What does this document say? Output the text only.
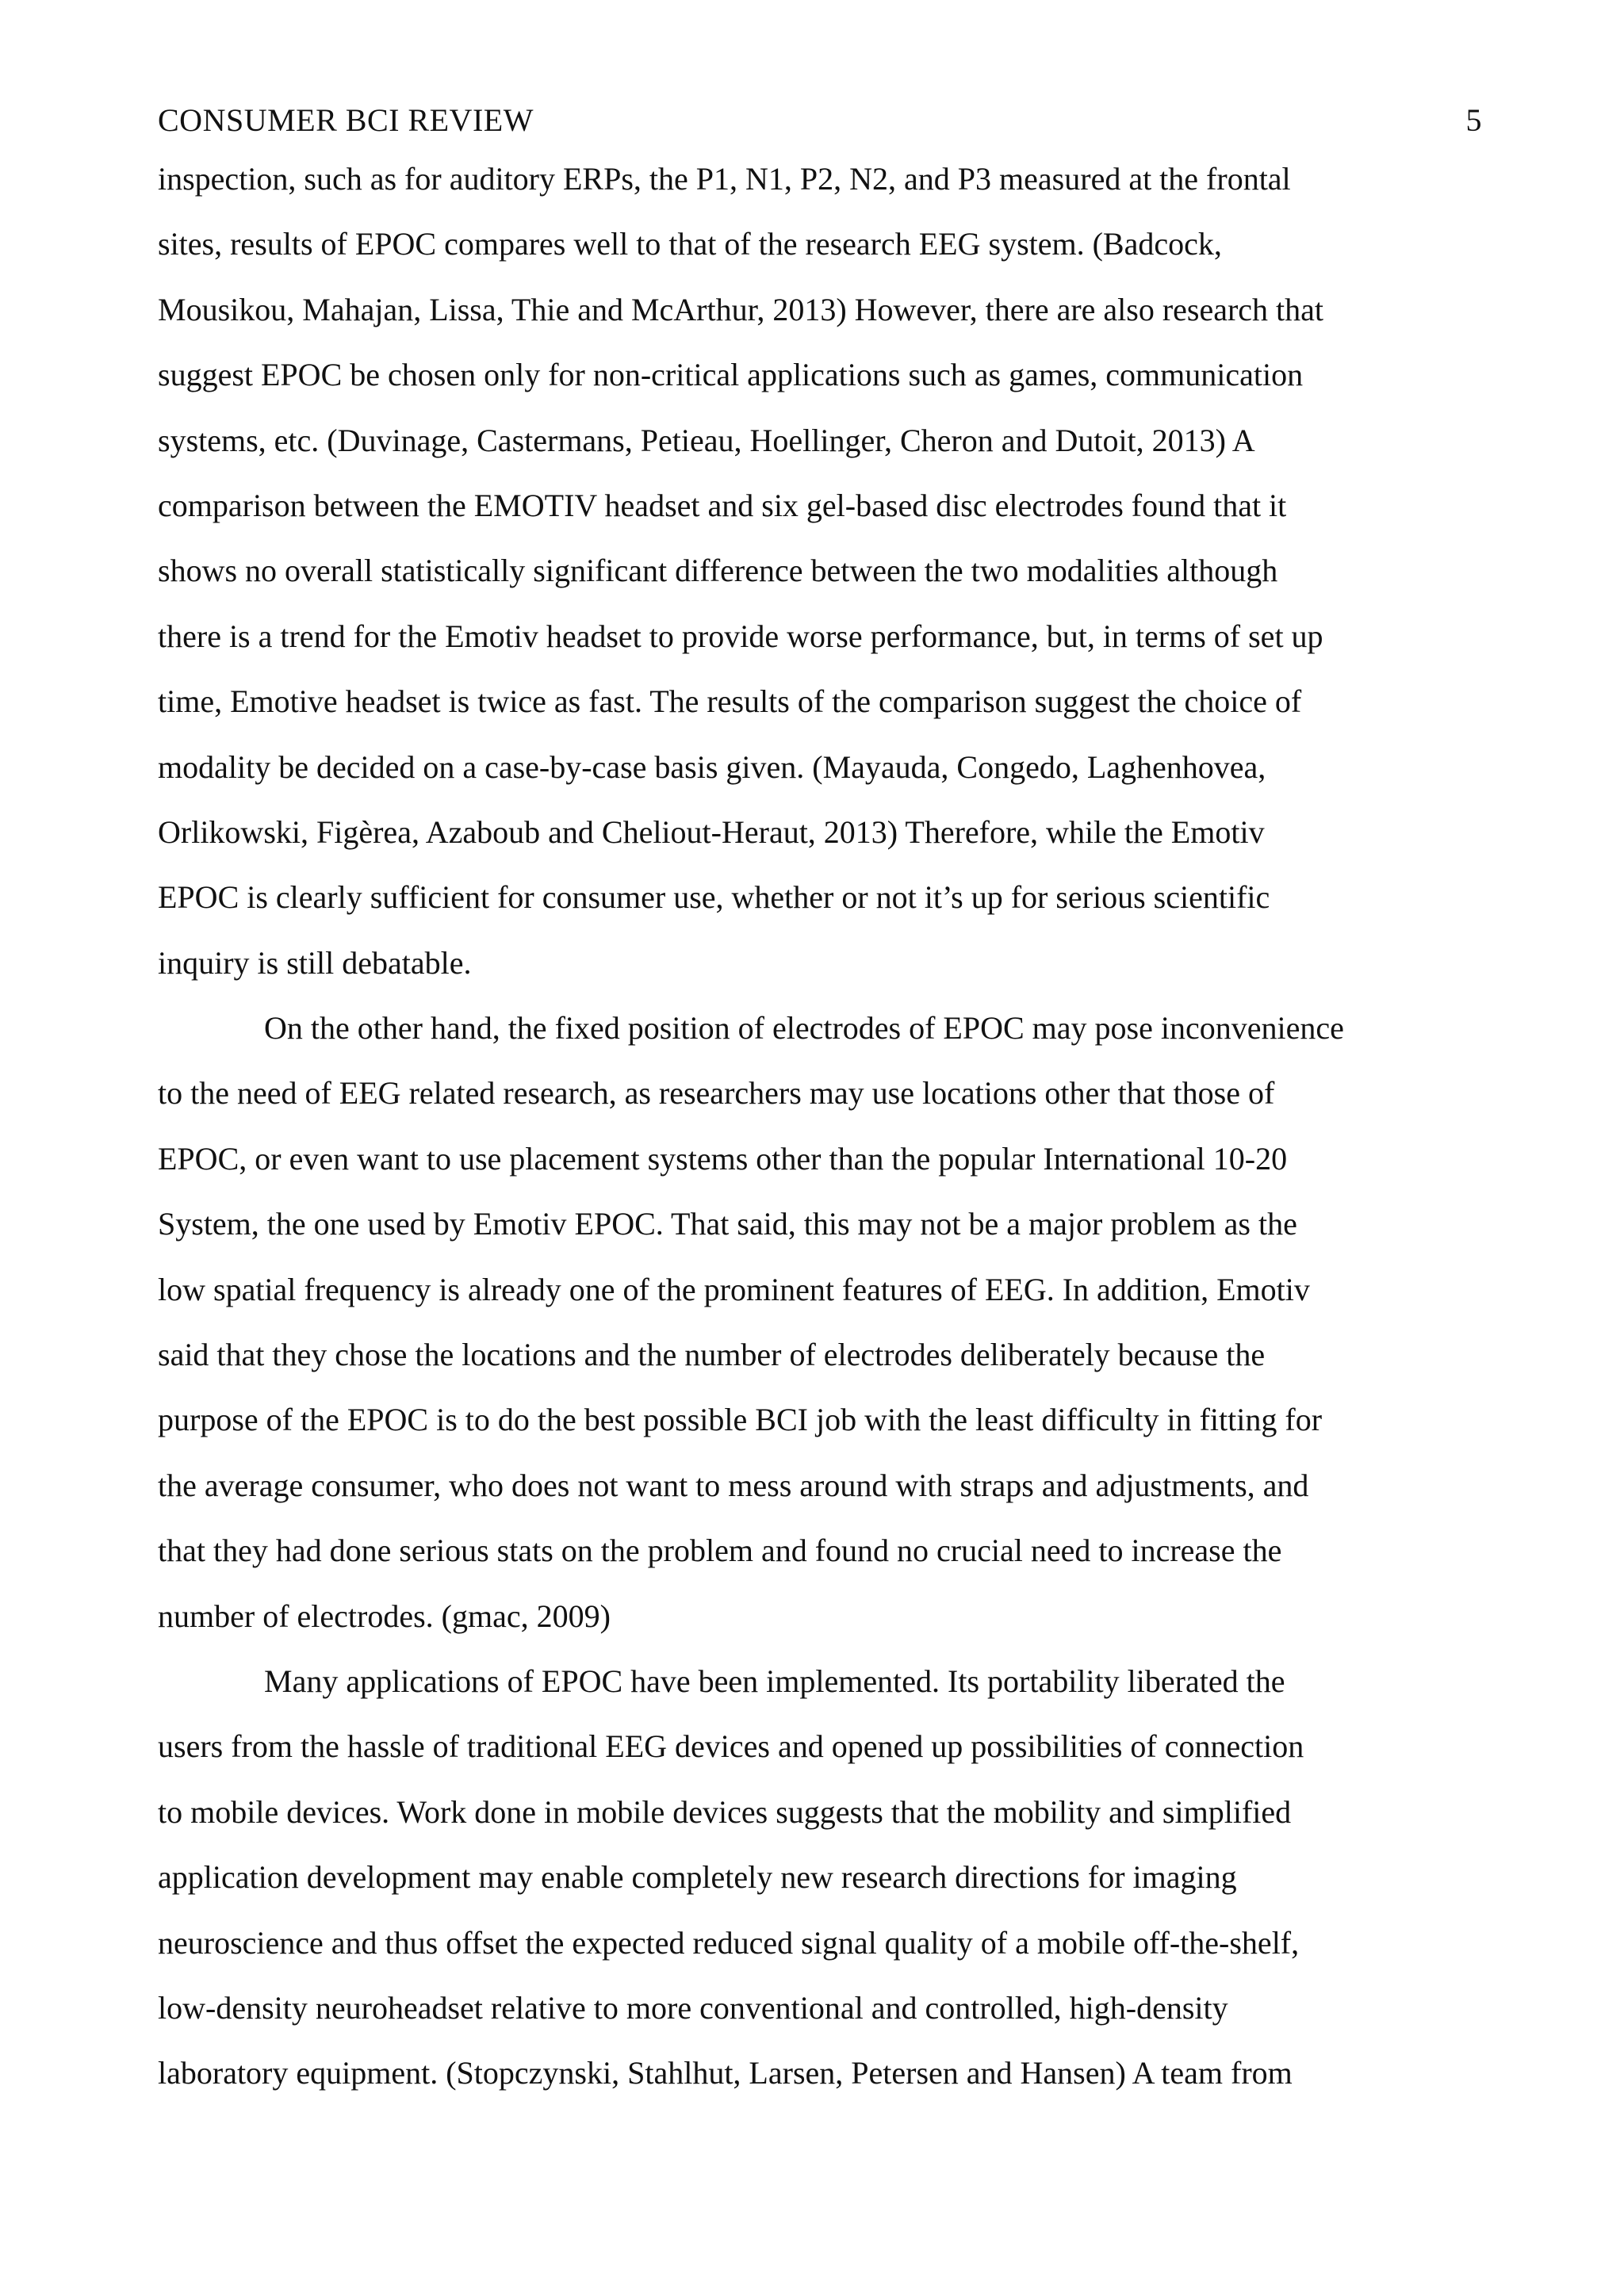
CONSUMER BCI REVIEW	5
inspection, such as for auditory ERPs, the P1, N1, P2, N2, and P3 measured at the frontal
sites, results of EPOC compares well to that of the research EEG system. (Badcock,
Mousikou, Mahajan, Lissa, Thie and McArthur, 2013) However, there are also research that
suggest EPOC be chosen only for non-critical applications such as games, communication
systems, etc. (Duvinage, Castermans, Petieau, Hoellinger, Cheron and Dutoit, 2013) A
comparison between the EMOTIV headset and six gel-based disc electrodes found that it
shows no overall statistically significant difference between the two modalities although
there is a trend for the Emotiv headset to provide worse performance, but, in terms of set up
time, Emotive headset is twice as fast. The results of the comparison suggest the choice of
modality be decided on a case-by-case basis given. (Mayauda, Congedo, Laghenhovea,
Orlikowski, Figèrea, Azaboub and Cheliout-Heraut, 2013) Therefore, while the Emotiv
EPOC is clearly sufficient for consumer use, whether or not it’s up for serious scientific
inquiry is still debatable.
On the other hand, the fixed position of electrodes of EPOC may pose inconvenience
to the need of EEG related research, as researchers may use locations other that those of
EPOC, or even want to use placement systems other than the popular International 10-20
System, the one used by Emotiv EPOC. That said, this may not be a major problem as the
low spatial frequency is already one of the prominent features of EEG. In addition, Emotiv
said that they chose the locations and the number of electrodes deliberately because the
purpose of the EPOC is to do the best possible BCI job with the least difficulty in fitting for
the average consumer, who does not want to mess around with straps and adjustments, and
that they had done serious stats on the problem and found no crucial need to increase the
number of electrodes. (gmac, 2009)
Many applications of EPOC have been implemented. Its portability liberated the
users from the hassle of traditional EEG devices and opened up possibilities of connection
to mobile devices. Work done in mobile devices suggests that the mobility and simplified
application development may enable completely new research directions for imaging
neuroscience and thus offset the expected reduced signal quality of a mobile off-the-shelf,
low-density neuroheadset relative to more conventional and controlled, high-density
laboratory equipment. (Stopczynski, Stahlhut, Larsen, Petersen and Hansen) A team from
